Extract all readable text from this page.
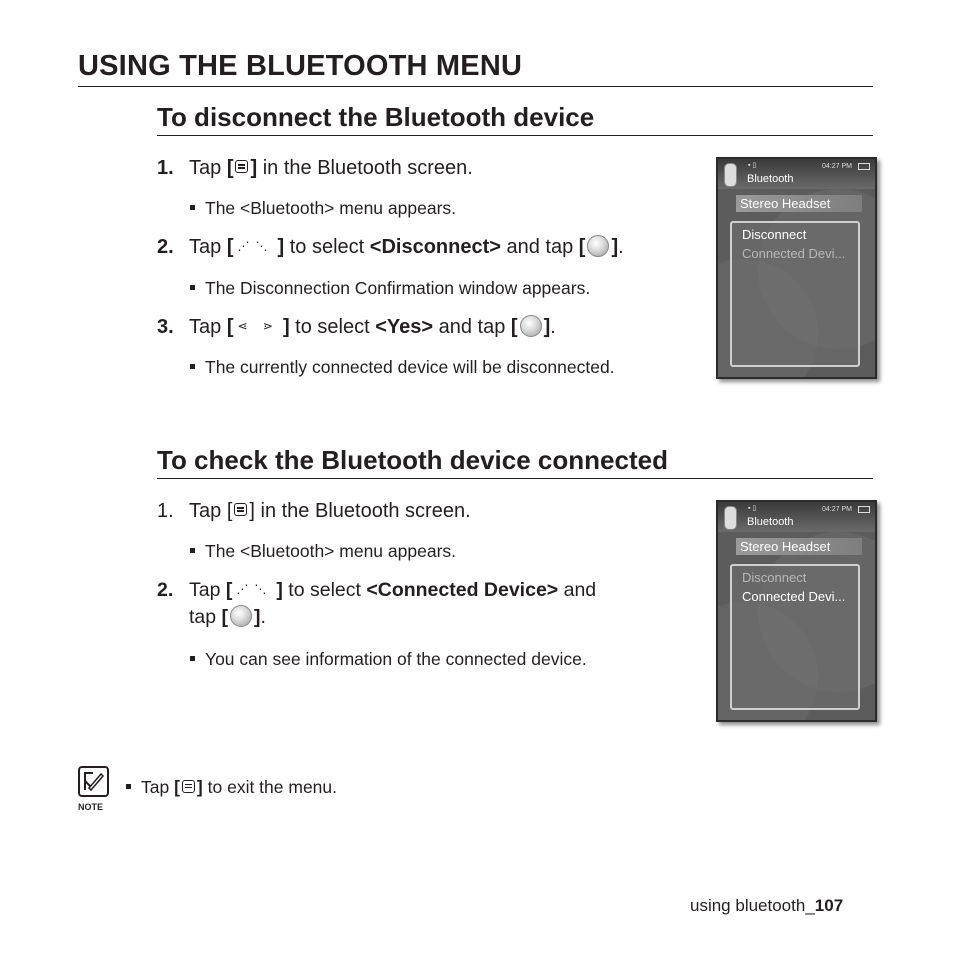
USING THE BLUETOOTH MENU
To disconnect the Bluetooth device
1. Tap [ ] in the Bluetooth screen.
The <Bluetooth> menu appears.
2. Tap [ ⋰⋱ ] to select <Disconnect> and tap [ ].
The Disconnection Confirmation window appears.
3. Tap [ ⋖ ⋗ ] to select <Yes> and tap [ ].
The currently connected device will be disconnected.
▪ ▯	04:27 PM
Bluetooth
Stereo Headset
Disconnect
Connected Devi...
To check the Bluetooth device connected
1. Tap [ ] in the Bluetooth screen.
The <Bluetooth> menu appears.
2. Tap [ ⋰⋱ ] to select <Connected Device> and
tap [ ].
You can see information of the connected device.
▪ ▯	04:27 PM
Bluetooth
Stereo Headset
Disconnect
Connected Devi...
NOTE
Tap [ ] to exit the menu.
using bluetooth_107
